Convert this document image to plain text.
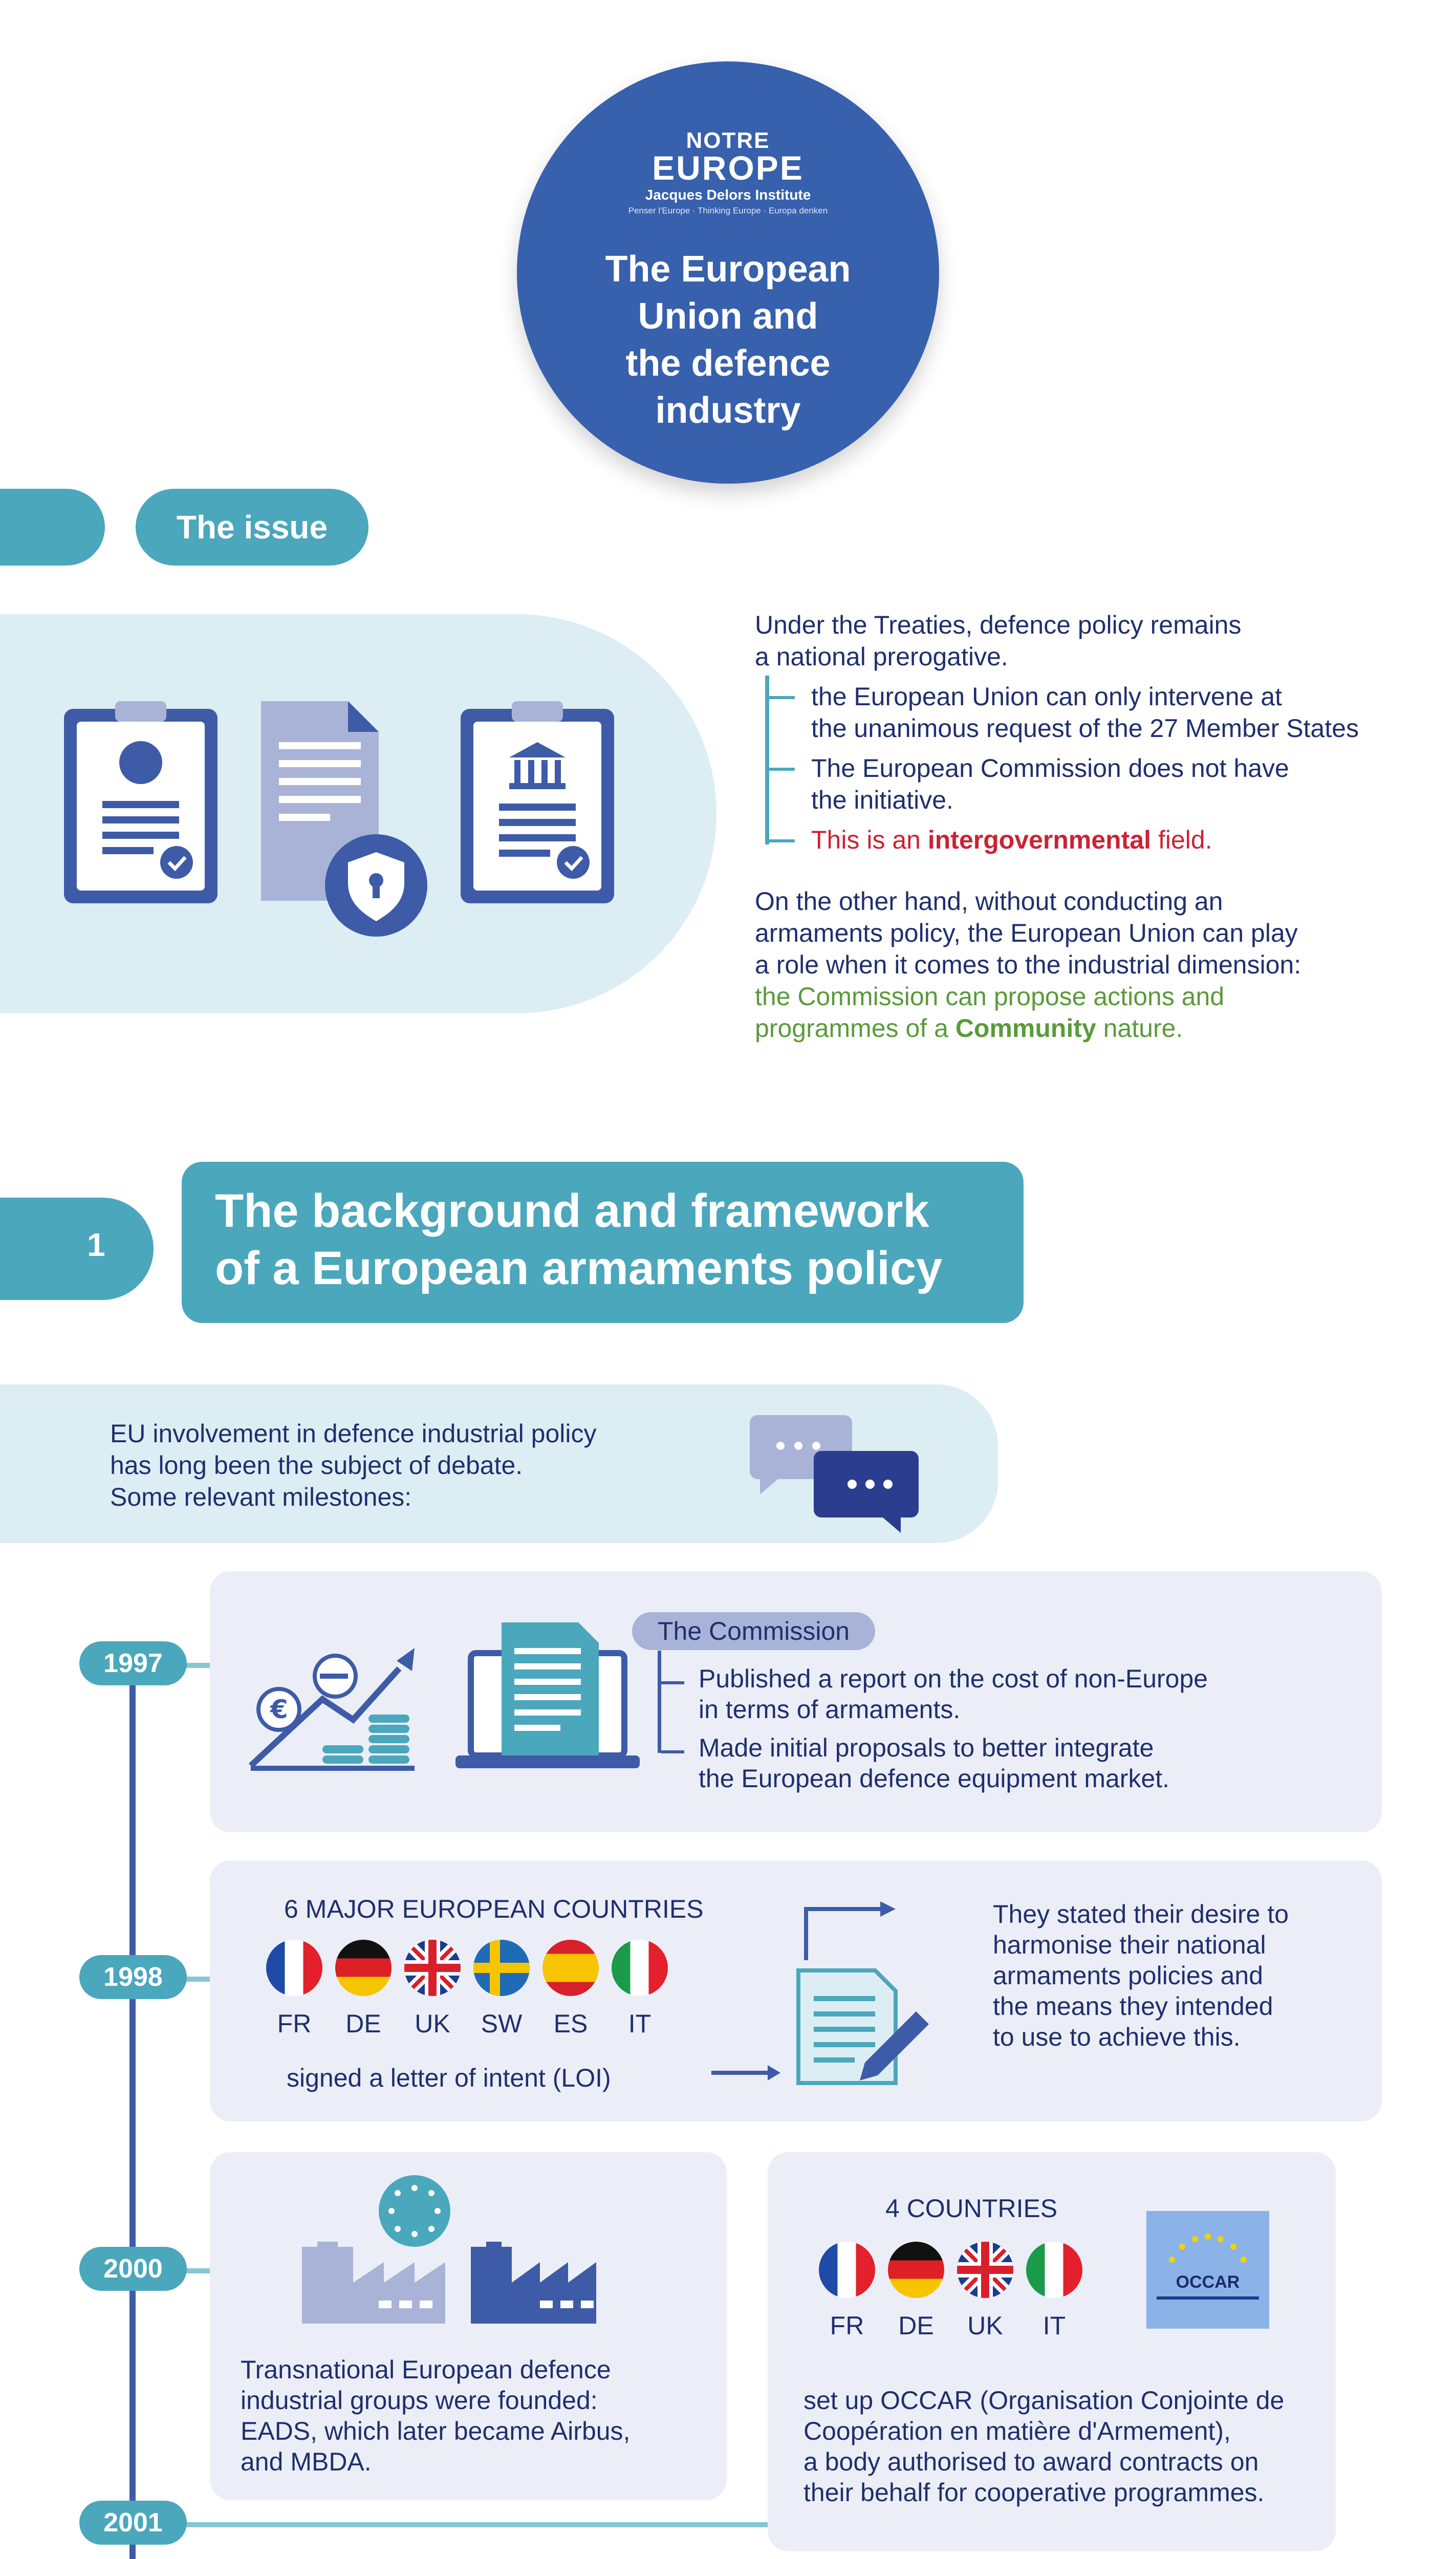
NOTRE
EUROPE
Jacques Delors Institute
Penser l'Europe · Thinking Europe · Europa denken
The European
Union and
the defence
industry
The issue
Under the Treaties, defence policy remains
a national prerogative.
the European Union can only intervene at
the unanimous request of the 27 Member States
The European Commission does not have
the initiative.
This is an intergovernmental field.
On the other hand, without conducting an
armaments policy, the European Union can play
a role when it comes to the industrial dimension:
the Commission can propose actions and
programmes of a Community nature.
1
The background and framework
of a European armaments policy
EU involvement in defence industrial policy
has long been the subject of debate.
Some relevant milestones:
1997
1998
2000
2001
€
The Commission
Published a report on the cost of non-Europe
in terms of armaments.
Made initial proposals to better integrate
the European defence equipment market.
6 MAJOR EUROPEAN COUNTRIES
FR	DE	UK	SW	ES	IT
signed a letter of intent (LOI)
They stated their desire to
harmonise their national
armaments policies and
the means they intended
to use to achieve this.
Transnational European defence
industrial groups were founded:
EADS, which later became Airbus,
and MBDA.
4 COUNTRIES
FR	DE	UK	IT
OCCAR
set up OCCAR (Organisation Conjointe de
Coopération en matière d'Armement),
a body authorised to award contracts on
their behalf for cooperative programmes.
